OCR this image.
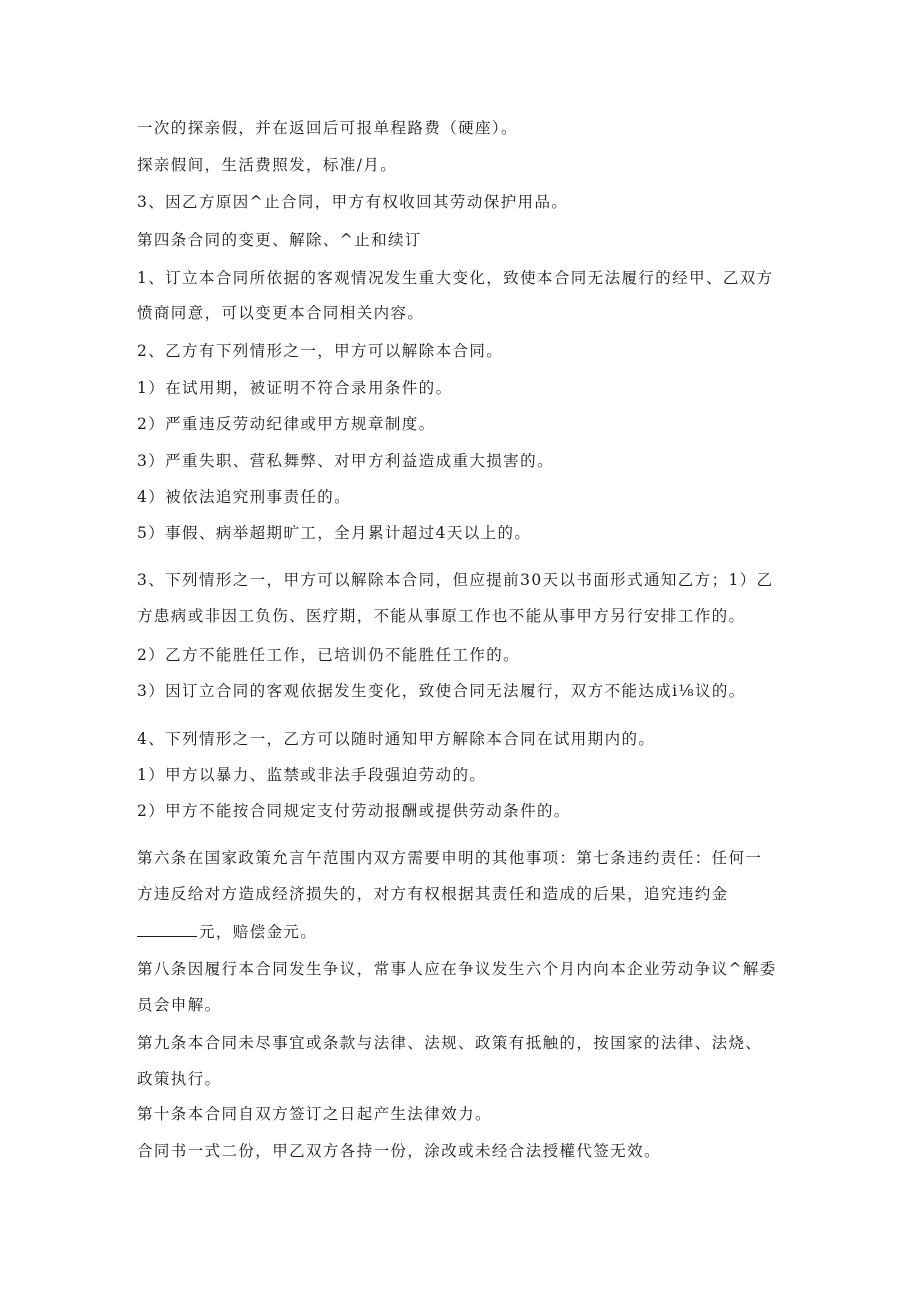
一次的探亲假，并在返回后可报单程路费（硬座）。
探亲假间，生活费照发，标准/月。
3、因乙方原因^止合同，甲方有权收回其劳动保护用品。
第四条合同的变更、解除、^止和续订
1、订立本合同所依据的客观情况发生重大变化，致使本合同无法履行的经甲、乙双方
愤商同意，可以变更本合同相关内容。
2、乙方有下列情形之一，甲方可以解除本合同。
1）在试用期，被证明不符合录用条件的。
2）严重违反劳动纪律或甲方规章制度。
3）严重失职、营私舞弊、对甲方利益造成重大损害的。
4）被依法追究刑事责任的。
5）事假、病举超期旷工，全月累计超过4天以上的。
3、下列情形之一，甲方可以解除本合同，但应提前30天以书面形式通知乙方；1）乙
方患病或非因工负伤、医疗期，不能从事原工作也不能从事甲方另行安排工作的。
2）乙方不能胜任工作，已培训仍不能胜任工作的。
3）因订立合同的客观依据发生变化，致使合同无法履行，双方不能达成i⅛议的。
4、下列情形之一，乙方可以随时通知甲方解除本合同在试用期内的。
1）甲方以暴力、监禁或非法手段强迫劳动的。
2）甲方不能按合同规定支付劳动报酬或提供劳动条件的。
第六条在国家政策允言午范围内双方需要申明的其他事项：第七条违约责任：任何一
方违反给对方造成经济损失的，对方有权根据其责任和造成的后果，追究违约金
元，赔偿金元。
第八条因履行本合同发生争议，常事人应在争议发生六个月内向本企业劳动争议^解委
员会申解。
第九条本合同未尽事宜或条款与法律、法规、政策有抵触的，按国家的法律、法烧、
政策执行。
第十条本合同自双方签订之日起产生法律效力。
合同书一式二份，甲乙双方各持一份，涂改或未经合法授權代签无效。
